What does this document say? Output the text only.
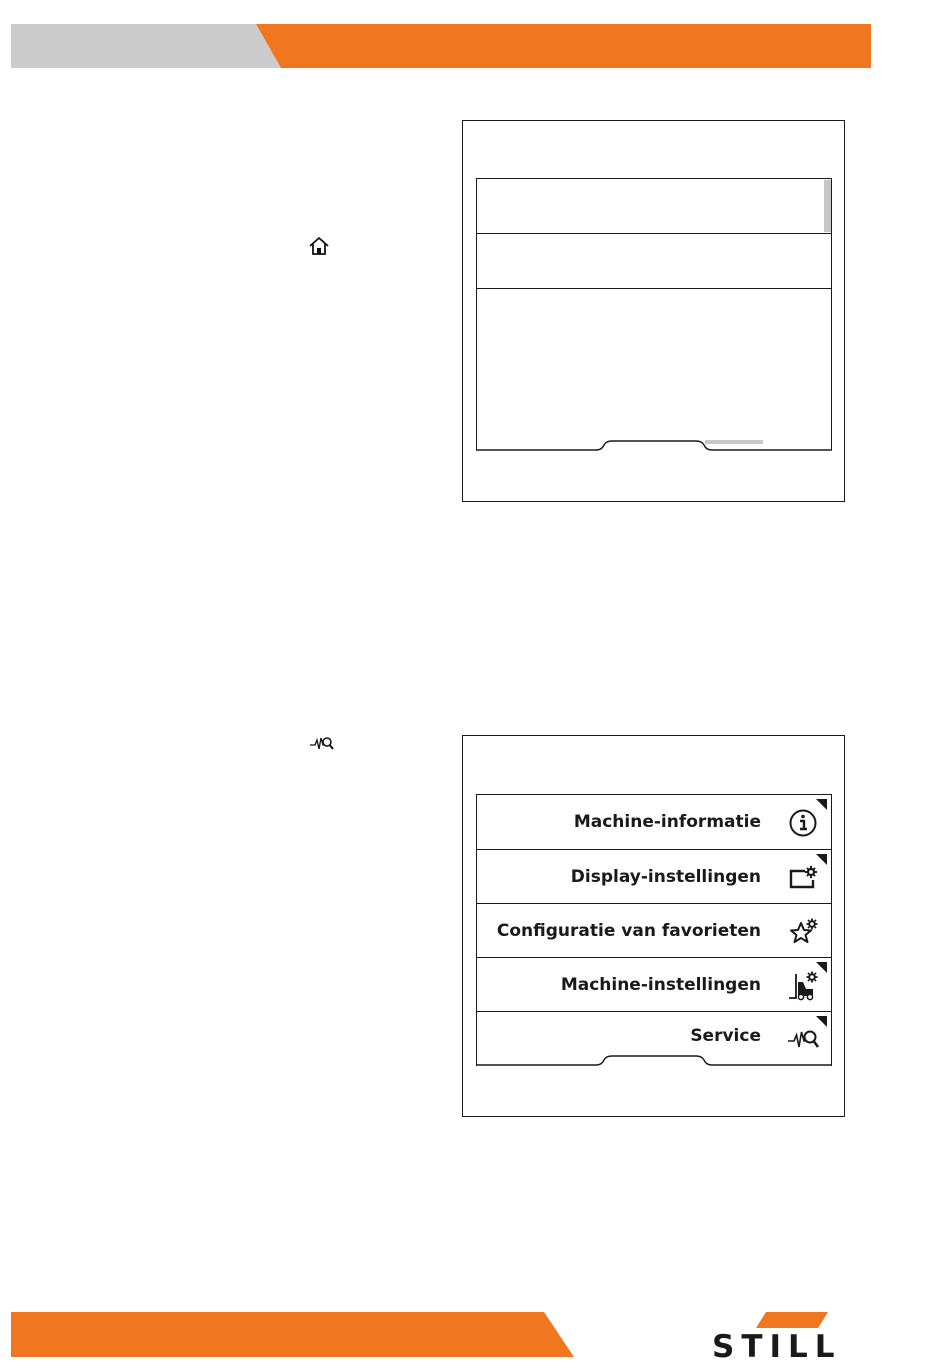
Machine-informatie
Display-instellingen
Configuratie van favorieten
Machine-instellingen
Service
STILL
